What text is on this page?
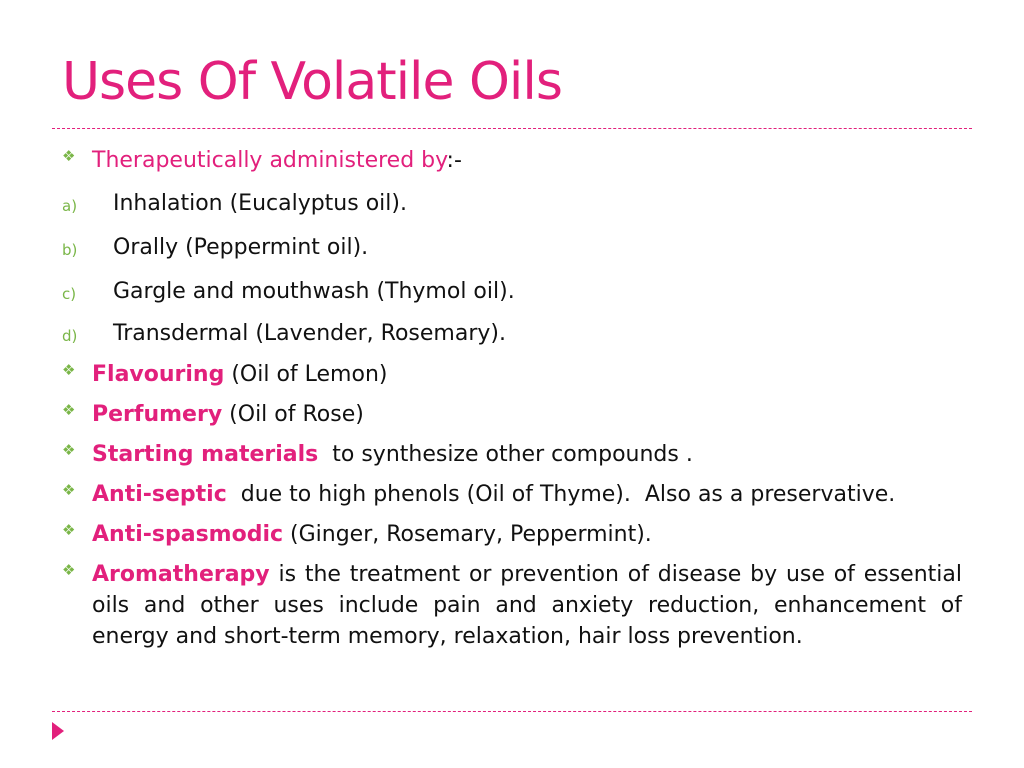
Uses Of Volatile Oils
❖ Therapeutically administered by:-
a) Inhalation (Eucalyptus oil).
b) Orally (Peppermint oil).
c) Gargle and mouthwash (Thymol oil).
d) Transdermal (Lavender, Rosemary).
❖ Flavouring (Oil of Lemon)
❖ Perfumery (Oil of Rose)
❖ Starting materials  to synthesize other compounds .
❖ Anti-septic  due to high phenols (Oil of Thyme).  Also as a preservative.
❖ Anti-spasmodic (Ginger, Rosemary, Peppermint).
❖ Aromatherapy is the treatment or prevention of disease by use of essential oils and other uses include pain and anxiety reduction, enhancement of energy and short-term memory, relaxation, hair loss prevention.
